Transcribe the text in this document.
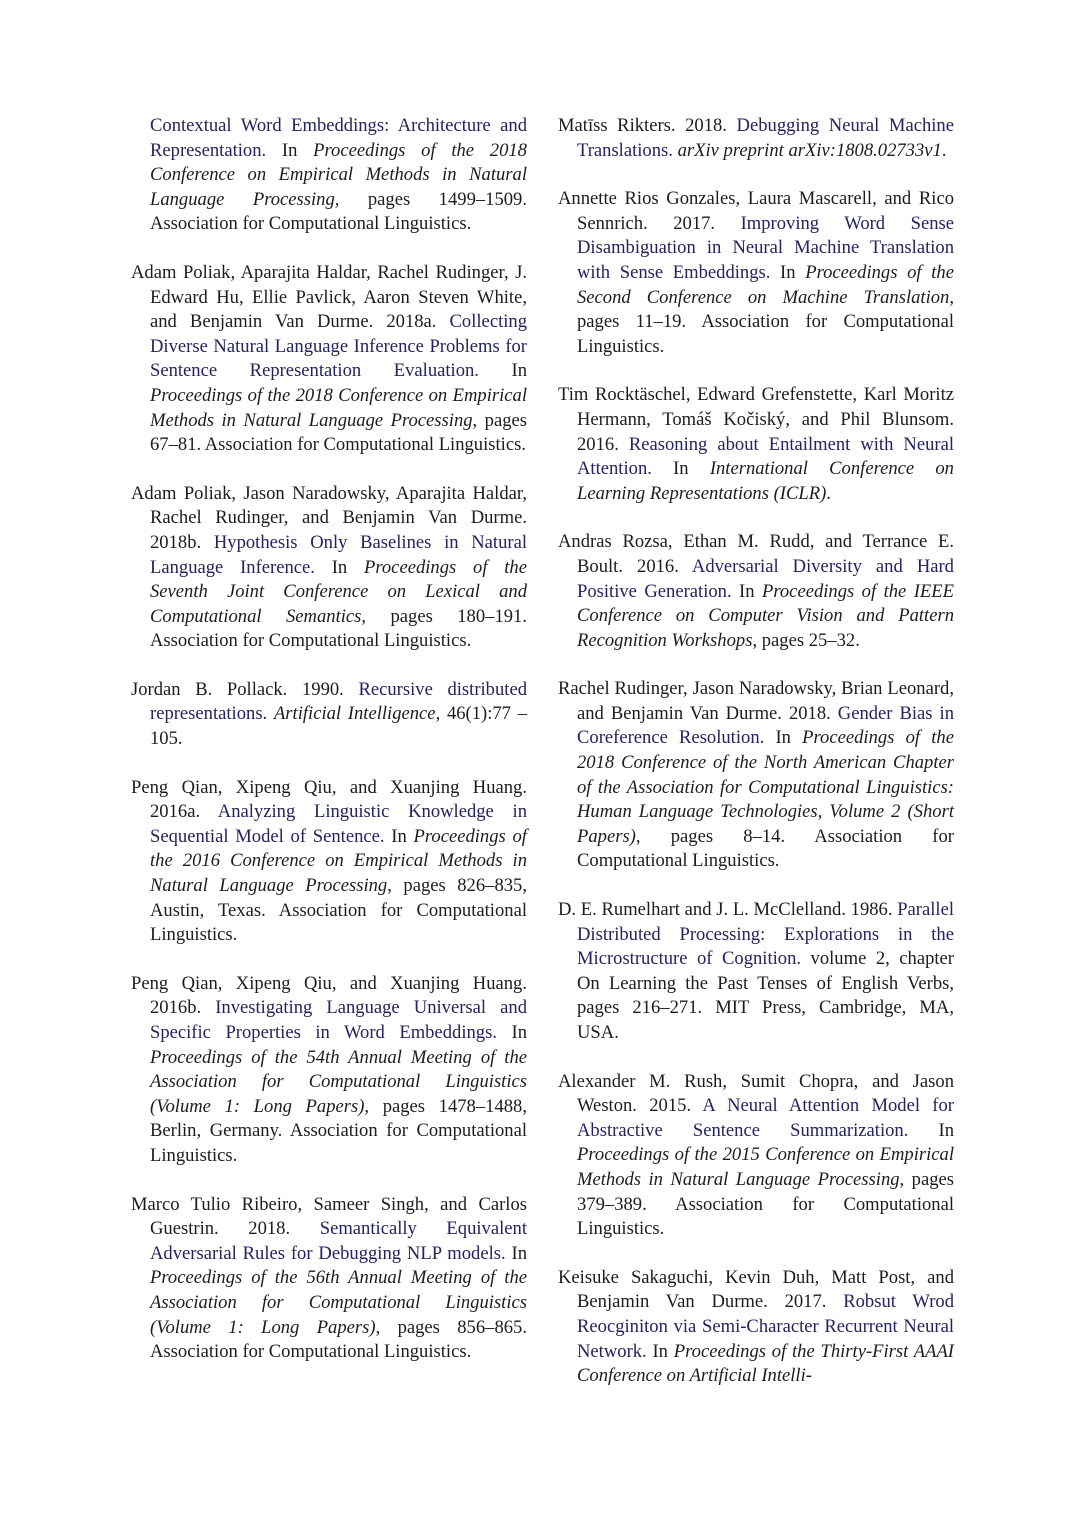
Contextual Word Embeddings: Architecture and Representation. In Proceedings of the 2018 Conference on Empirical Methods in Natural Language Processing, pages 1499–1509. Association for Computational Linguistics.

Adam Poliak, Aparajita Haldar, Rachel Rudinger, J. Edward Hu, Ellie Pavlick, Aaron Steven White, and Benjamin Van Durme. 2018a. Collecting Diverse Natural Language Inference Problems for Sentence Representation Evaluation. In Proceedings of the 2018 Conference on Empirical Methods in Natural Language Processing, pages 67–81. Association for Computational Linguistics.

Adam Poliak, Jason Naradowsky, Aparajita Haldar, Rachel Rudinger, and Benjamin Van Durme. 2018b. Hypothesis Only Baselines in Natural Language Inference. In Proceedings of the Seventh Joint Conference on Lexical and Computational Semantics, pages 180–191. Association for Computational Linguistics.

Jordan B. Pollack. 1990. Recursive distributed representations. Artificial Intelligence, 46(1):77 – 105.

Peng Qian, Xipeng Qiu, and Xuanjing Huang. 2016a. Analyzing Linguistic Knowledge in Sequential Model of Sentence. In Proceedings of the 2016 Conference on Empirical Methods in Natural Language Processing, pages 826–835, Austin, Texas. Association for Computational Linguistics.

Peng Qian, Xipeng Qiu, and Xuanjing Huang. 2016b. Investigating Language Universal and Specific Properties in Word Embeddings. In Proceedings of the 54th Annual Meeting of the Association for Computational Linguistics (Volume 1: Long Papers), pages 1478–1488, Berlin, Germany. Association for Computational Linguistics.

Marco Tulio Ribeiro, Sameer Singh, and Carlos Guestrin. 2018. Semantically Equivalent Adversarial Rules for Debugging NLP models. In Proceedings of the 56th Annual Meeting of the Association for Computational Linguistics (Volume 1: Long Papers), pages 856–865. Association for Computational Linguistics.

Matīss Rikters. 2018. Debugging Neural Machine Translations. arXiv preprint arXiv:1808.02733v1.

Annette Rios Gonzales, Laura Mascarell, and Rico Sennrich. 2017. Improving Word Sense Disambiguation in Neural Machine Translation with Sense Embeddings. In Proceedings of the Second Conference on Machine Translation, pages 11–19. Association for Computational Linguistics.

Tim Rocktäschel, Edward Grefenstette, Karl Moritz Hermann, Tomáš Kočiský, and Phil Blunsom. 2016. Reasoning about Entailment with Neural Attention. In International Conference on Learning Representations (ICLR).

Andras Rozsa, Ethan M. Rudd, and Terrance E. Boult. 2016. Adversarial Diversity and Hard Positive Generation. In Proceedings of the IEEE Conference on Computer Vision and Pattern Recognition Workshops, pages 25–32.

Rachel Rudinger, Jason Naradowsky, Brian Leonard, and Benjamin Van Durme. 2018. Gender Bias in Coreference Resolution. In Proceedings of the 2018 Conference of the North American Chapter of the Association for Computational Linguistics: Human Language Technologies, Volume 2 (Short Papers), pages 8–14. Association for Computational Linguistics.

D. E. Rumelhart and J. L. McClelland. 1986. Parallel Distributed Processing: Explorations in the Microstructure of Cognition. volume 2, chapter On Learning the Past Tenses of English Verbs, pages 216–271. MIT Press, Cambridge, MA, USA.

Alexander M. Rush, Sumit Chopra, and Jason Weston. 2015. A Neural Attention Model for Abstractive Sentence Summarization. In Proceedings of the 2015 Conference on Empirical Methods in Natural Language Processing, pages 379–389. Association for Computational Linguistics.

Keisuke Sakaguchi, Kevin Duh, Matt Post, and Benjamin Van Durme. 2017. Robsut Wrod Reocginiton via Semi-Character Recurrent Neural Network. In Proceedings of the Thirty-First AAAI Conference on Artificial Intelli-
